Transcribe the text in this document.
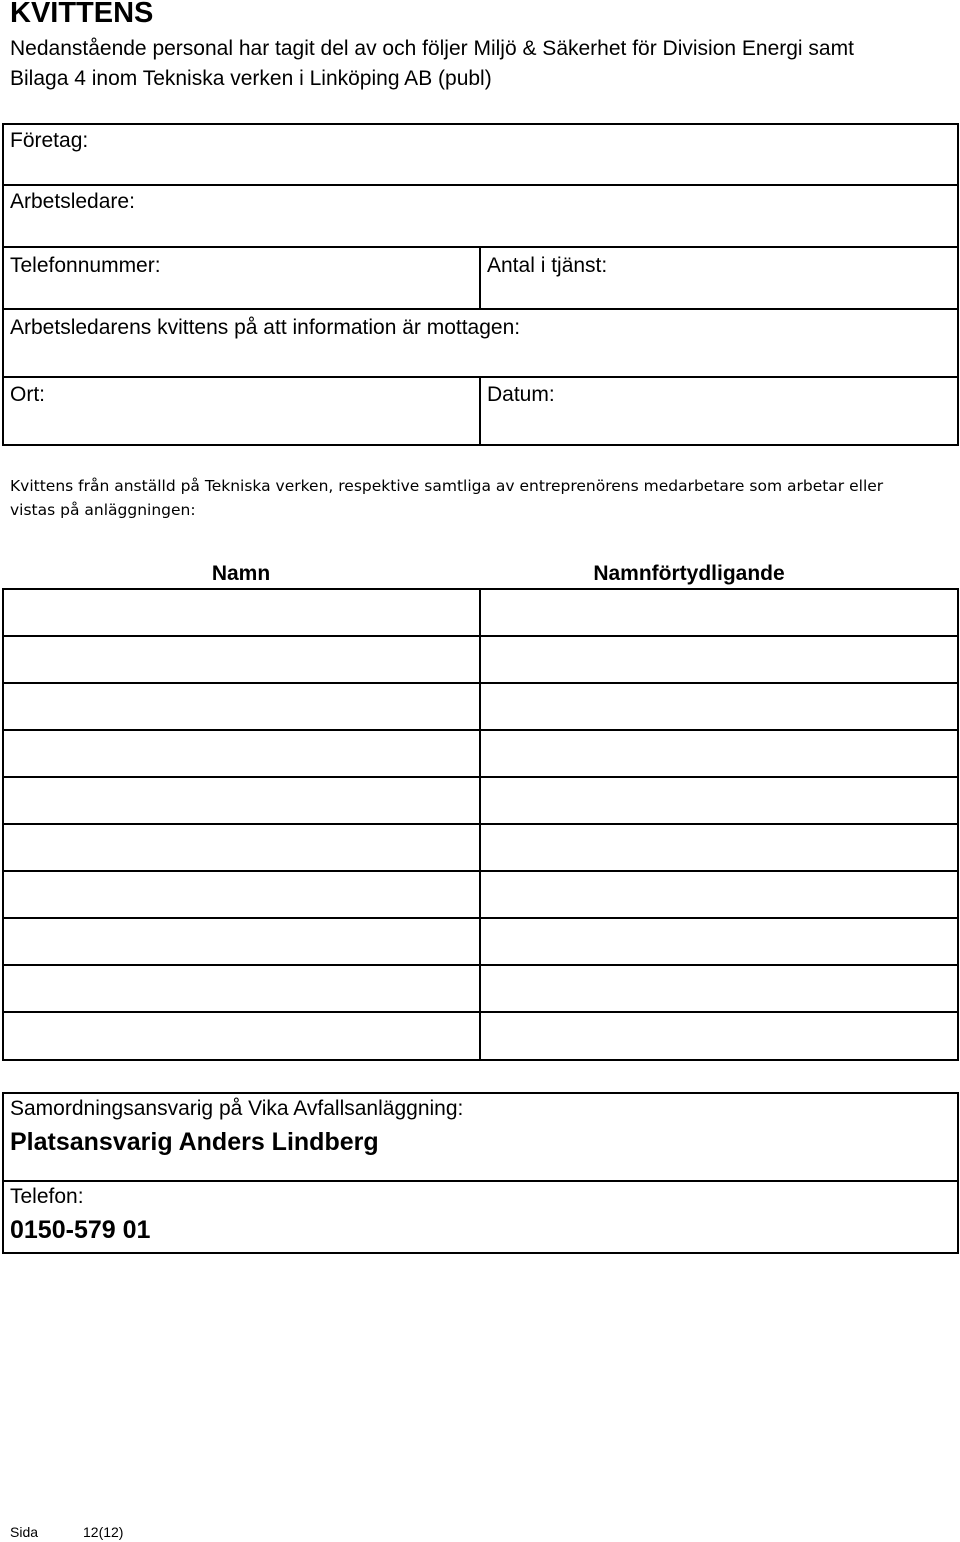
KVITTENS
Nedanstående personal har tagit del av och följer Miljö & Säkerhet för Division Energi samt Bilaga 4 inom Tekniska verken i Linköping AB (publ)
Företag:
Arbetsledare:
Telefonnummer:	Antal i tjänst:
Arbetsledarens kvittens på att information är mottagen:
Ort:	Datum:
Kvittens från anställd på Tekniska verken, respektive samtliga av entreprenörens medarbetare som arbetar eller vistas på anläggningen:
Namn	Namnförtydligande
Samordningsansvarig på Vika Avfallsanläggning:
Platsansvarig Anders Lindberg
Telefon:
0150-579 01
Sida	12(12)
